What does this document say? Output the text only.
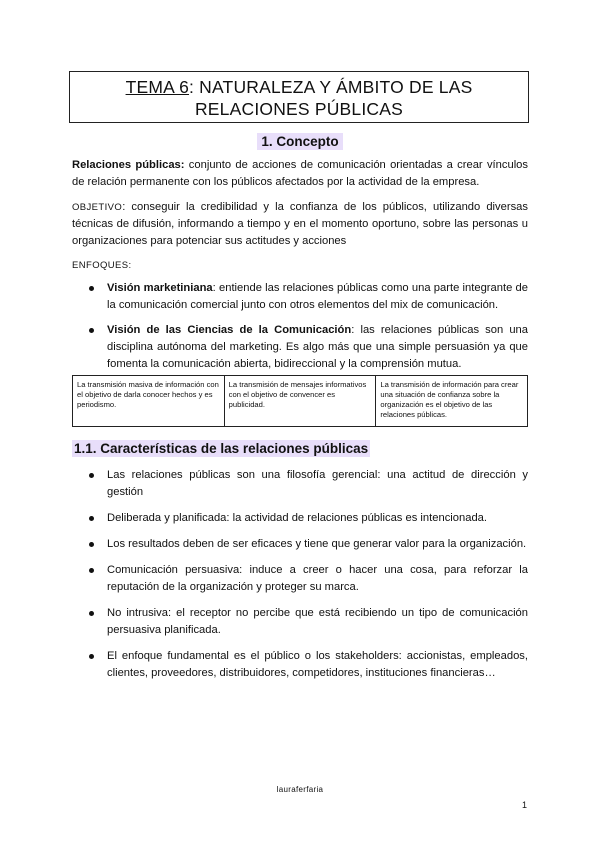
TEMA 6: NATURALEZA Y ÁMBITO DE LAS RELACIONES PÚBLICAS
1. Concepto
Relaciones públicas: conjunto de acciones de comunicación orientadas a crear vínculos de relación permanente con los públicos afectados por la actividad de la empresa.
OBJETIVO: conseguir la credibilidad y la confianza de los públicos, utilizando diversas técnicas de difusión, informando a tiempo y en el momento oportuno, sobre las personas u organizaciones para potenciar sus actitudes y acciones
ENFOQUES:
Visión marketiniana: entiende las relaciones públicas como una parte integrante de la comunicación comercial junto con otros elementos del mix de comunicación.
Visión de las Ciencias de la Comunicación: las relaciones públicas son una disciplina autónoma del marketing. Es algo más que una simple persuasión ya que fomenta la comunicación abierta, bidireccional y la comprensión mutua.
La transmisión masiva de información con el objetivo de darla conocer hechos y es periodismo.
La transmisión de mensajes informativos con el objetivo de convencer es publicidad.
La transmisión de información para crear una situación de confianza sobre la organización es el objetivo de las relaciones públicas.
1.1. Características de las relaciones públicas
Las relaciones públicas son una filosofía gerencial: una actitud de dirección y gestión
Deliberada y planificada: la actividad de relaciones públicas es intencionada.
Los resultados deben de ser eficaces y tiene que generar valor para la organización.
Comunicación persuasiva: induce a creer o hacer una cosa, para reforzar la reputación de la organización y proteger su marca.
No intrusiva: el receptor no percibe que está recibiendo un tipo de comunicación persuasiva planificada.
El enfoque fundamental es el público o los stakeholders: accionistas, empleados, clientes, proveedores, distribuidores, competidores, instituciones financieras…
lauraferfaria
1
